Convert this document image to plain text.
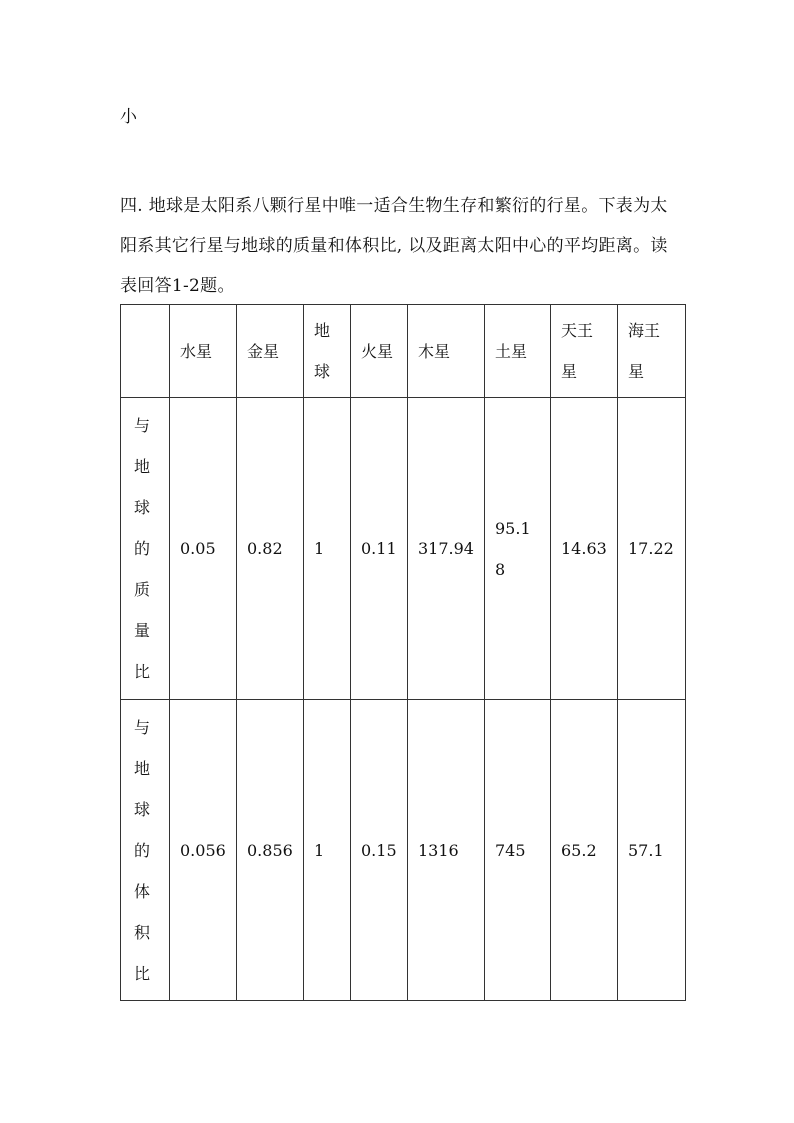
小
四. 地球是太阳系八颗行星中唯一适合生物生存和繁衍的行星。下表为太阳系其它行星与地球的质量和体积比, 以及距离太阳中心的平均距离。读表回答1-2题。
	水星	金星	地球	火星	木星	土星	天王星	海王星
与地球的质量比	0.05	0.82	1	0.11	317.94	95.18	14.63	17.22
与地球的体积比	0.056	0.856	1	0.15	1316	745	65.2	57.1
